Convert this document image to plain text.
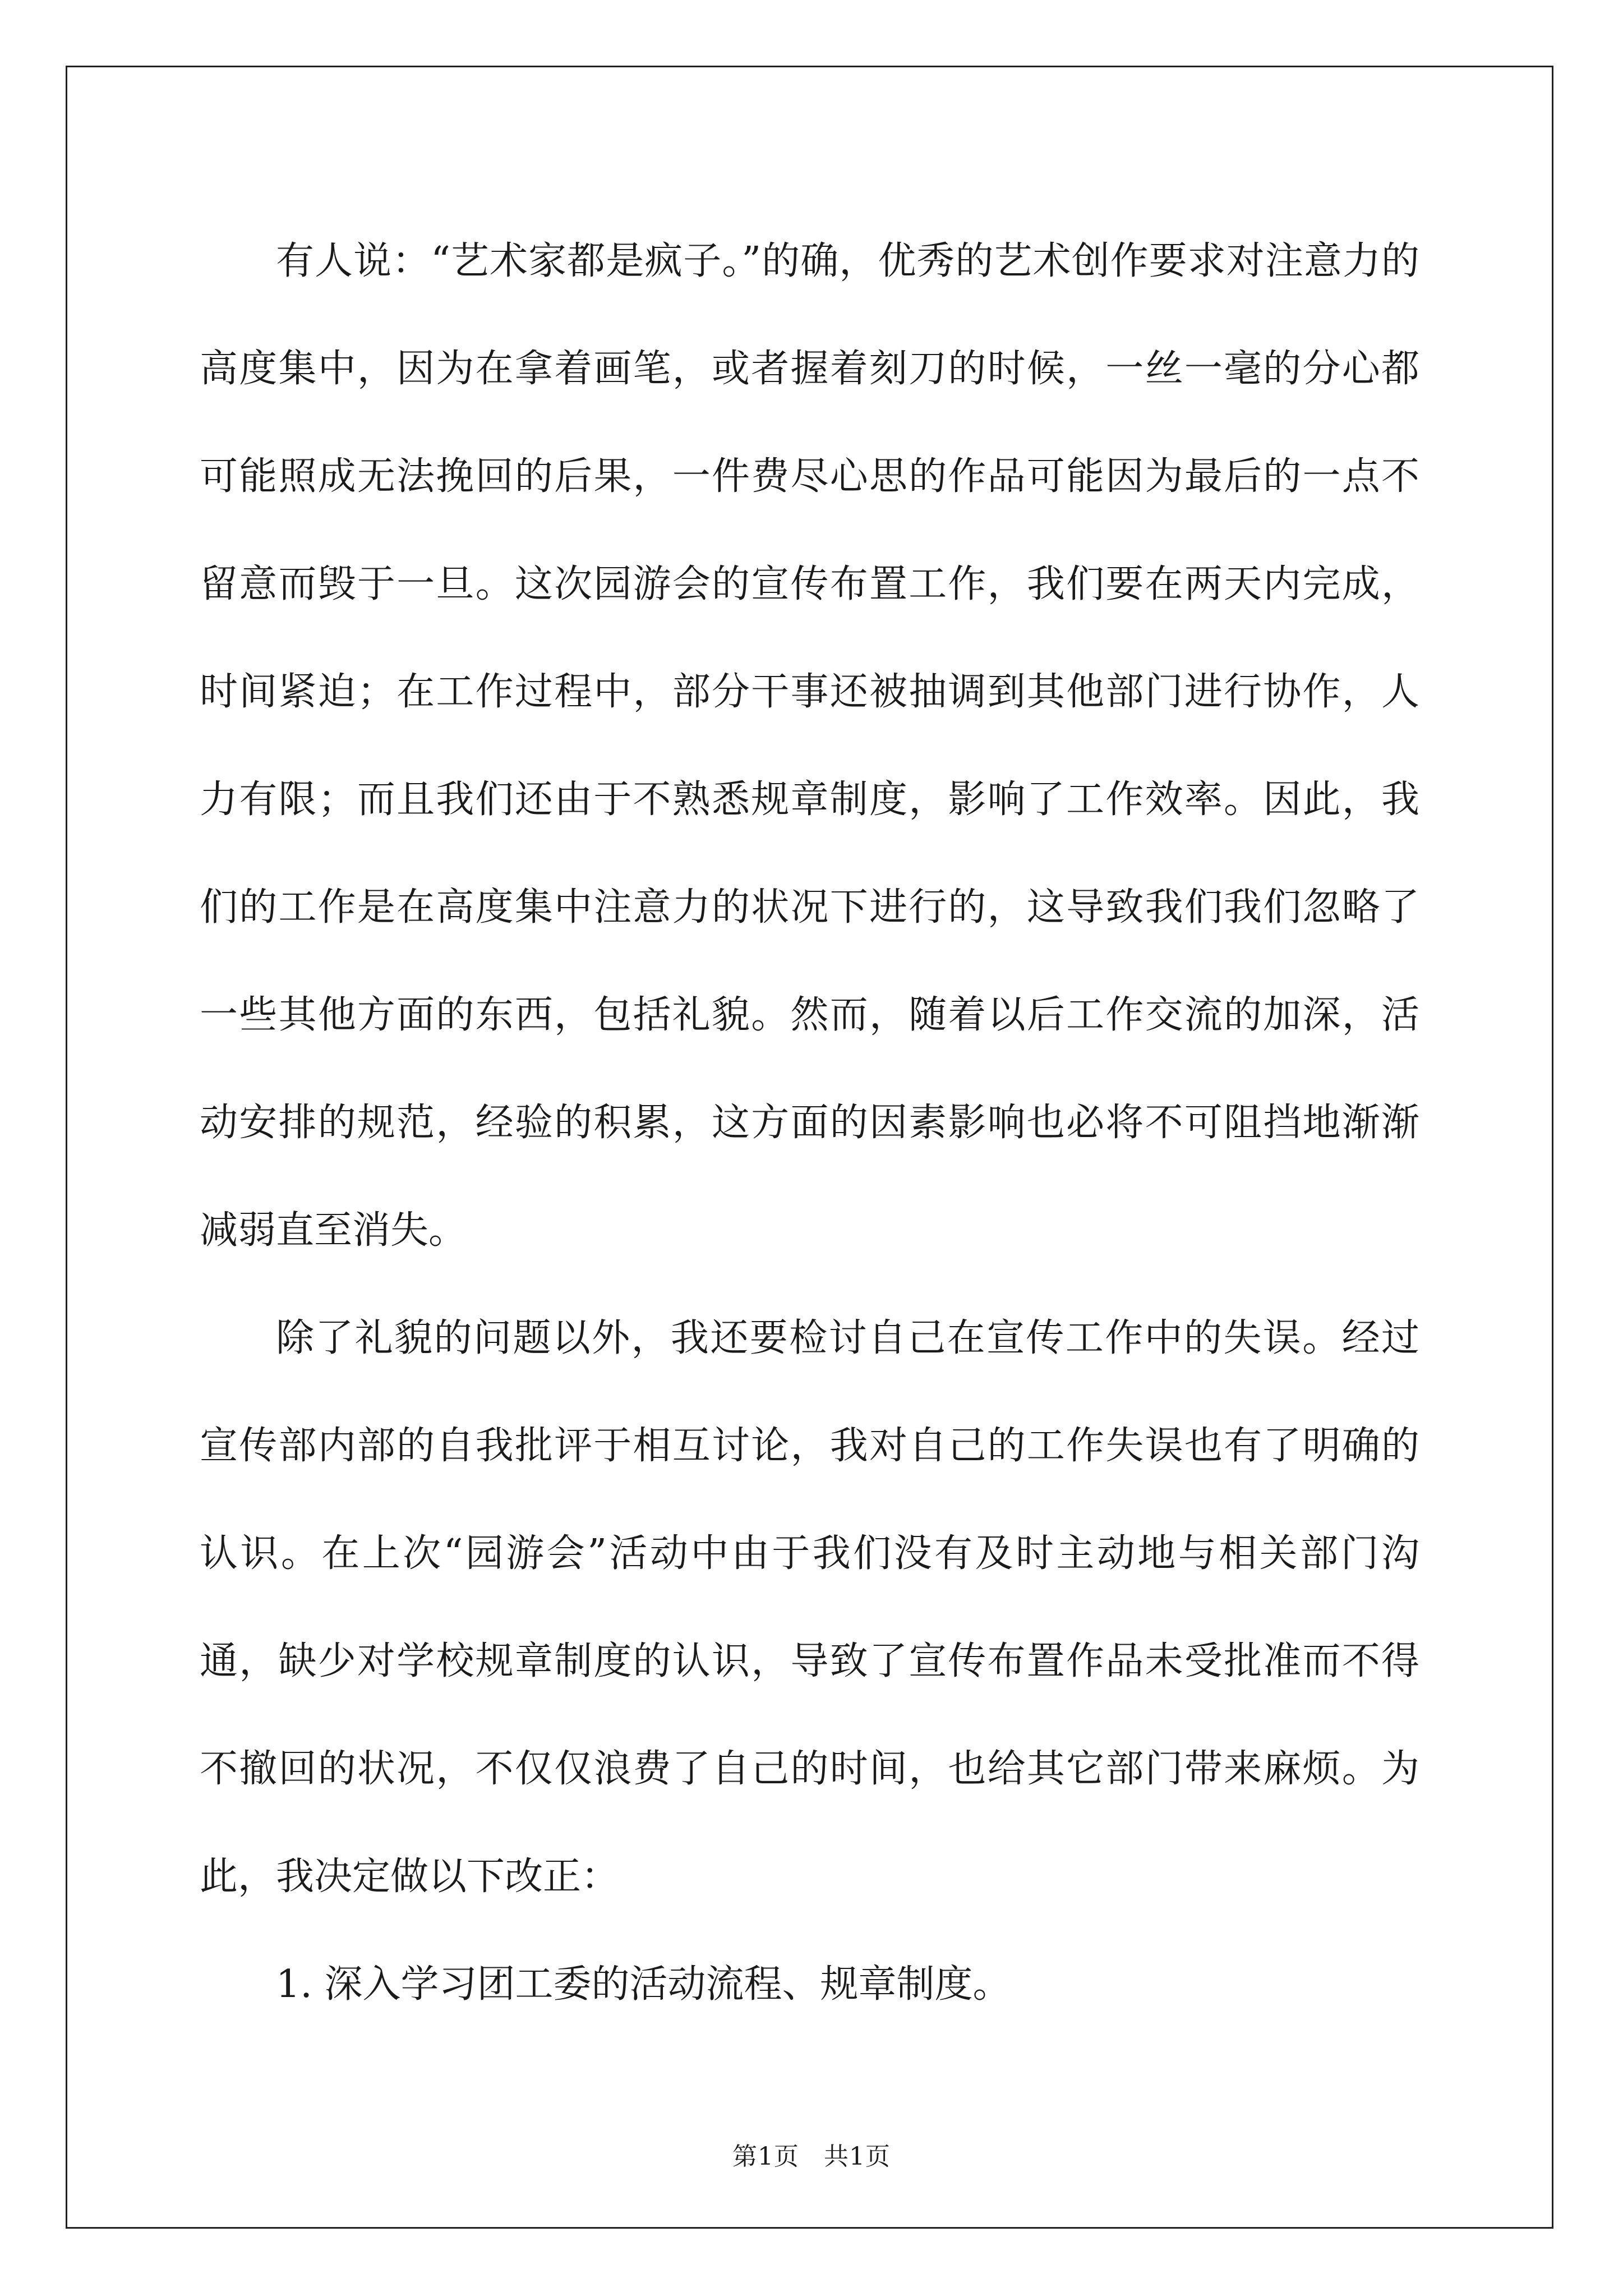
有人说：“艺术家都是疯子。”的确，优秀的艺术创作要求对注意力的高度集中，因为在拿着画笔，或者握着刻刀的时候，一丝一毫的分心都可能照成无法挽回的后果，一件费尽心思的作品可能因为最后的一点不留意而毁于一旦。这次园游会的宣传布置工作，我们要在两天内完成，时间紧迫；在工作过程中，部分干事还被抽调到其他部门进行协作，人力有限；而且我们还由于不熟悉规章制度，影响了工作效率。因此，我们的工作是在高度集中注意力的状况下进行的，这导致我们我们忽略了一些其他方面的东西，包括礼貌。然而，随着以后工作交流的加深，活动安排的规范，经验的积累，这方面的因素影响也必将不可阻挡地渐渐减弱直至消失。

除了礼貌的问题以外，我还要检讨自己在宣传工作中的失误。经过宣传部内部的自我批评于相互讨论，我对自己的工作失误也有了明确的认识。在上次“园游会”活动中由于我们没有及时主动地与相关部门沟通，缺少对学校规章制度的认识，导致了宣传布置作品未受批准而不得不撤回的状况，不仅仅浪费了自己的时间，也给其它部门带来麻烦。为此，我决定做以下改正：

1. 深入学习团工委的活动流程、规章制度。

第1页 共1页
